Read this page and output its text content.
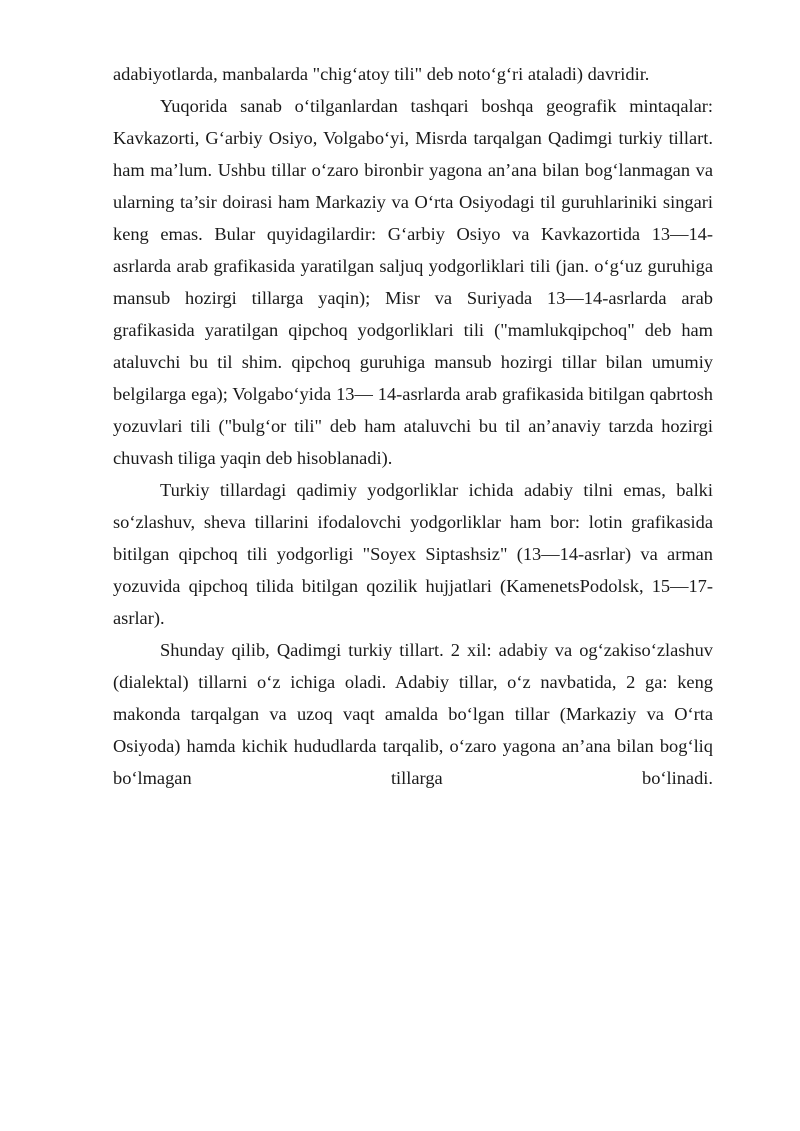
adabiyotlarda, manbalarda "chig‘atoy tili" deb noto‘g‘ri ataladi) davridir.

Yuqorida sanab o‘tilganlardan tashqari boshqa geografik mintaqalar: Kavkazorti, G‘arbiy Osiyo, Volgabo‘yi, Misrda tarqalgan Qadimgi turkiy tillart. ham ma’lum. Ushbu tillar o‘zaro bironbir yagona an’ana bilan bog‘lanmagan va ularning ta’sir doirasi ham Markaziy va O‘rta Osiyodagi til guruhlariniki singari keng emas. Bular quyidagilardir: G‘arbiy Osiyo va Kavkazortida 13—14-asrlarda arab grafikasida yaratilgan saljuq yodgorliklari tili (jan. o‘g‘uz guruhiga mansub hozirgi tillarga yaqin); Misr va Suriyada 13—14-asrlarda arab grafikasida yaratilgan qipchoq yodgorliklari tili ("mamlukqipchoq" deb ham ataluvchi bu til shim. qipchoq guruhiga mansub hozirgi tillar bilan umumiy belgilarga ega); Volgabo‘yida 13— 14-asrlarda arab grafikasida bitilgan qabrtosh yozuvlari tili ("bulg‘or tili" deb ham ataluvchi bu til an’anaviy tarzda hozirgi chuvash tiliga yaqin deb hisoblanadi).

Turkiy tillardagi qadimiy yodgorliklar ichida adabiy tilni emas, balki so‘zlashuv, sheva tillarini ifodalovchi yodgorliklar ham bor: lotin grafikasida bitilgan qipchoq tili yodgorligi "Soyex Siptashsiz" (13—14-asrlar) va arman yozuvida qipchoq tilida bitilgan qozilik hujjatlari (KamenetsPodolsk, 15—17-asrlar).

Shunday qilib, Qadimgi turkiy tillart. 2 xil: adabiy va og‘zakiso‘zlashuv (dialektal) tillarni o‘z ichiga oladi. Adabiy tillar, o‘z navbatida, 2 ga: keng makonda tarqalgan va uzoq vaqt amalda bo‘lgan tillar (Markaziy va O‘rta Osiyoda) hamda kichik hududlarda tarqalib, o‘zaro yagona an’ana bilan bog‘liq bo‘lmagan tillarga bo‘linadi.
